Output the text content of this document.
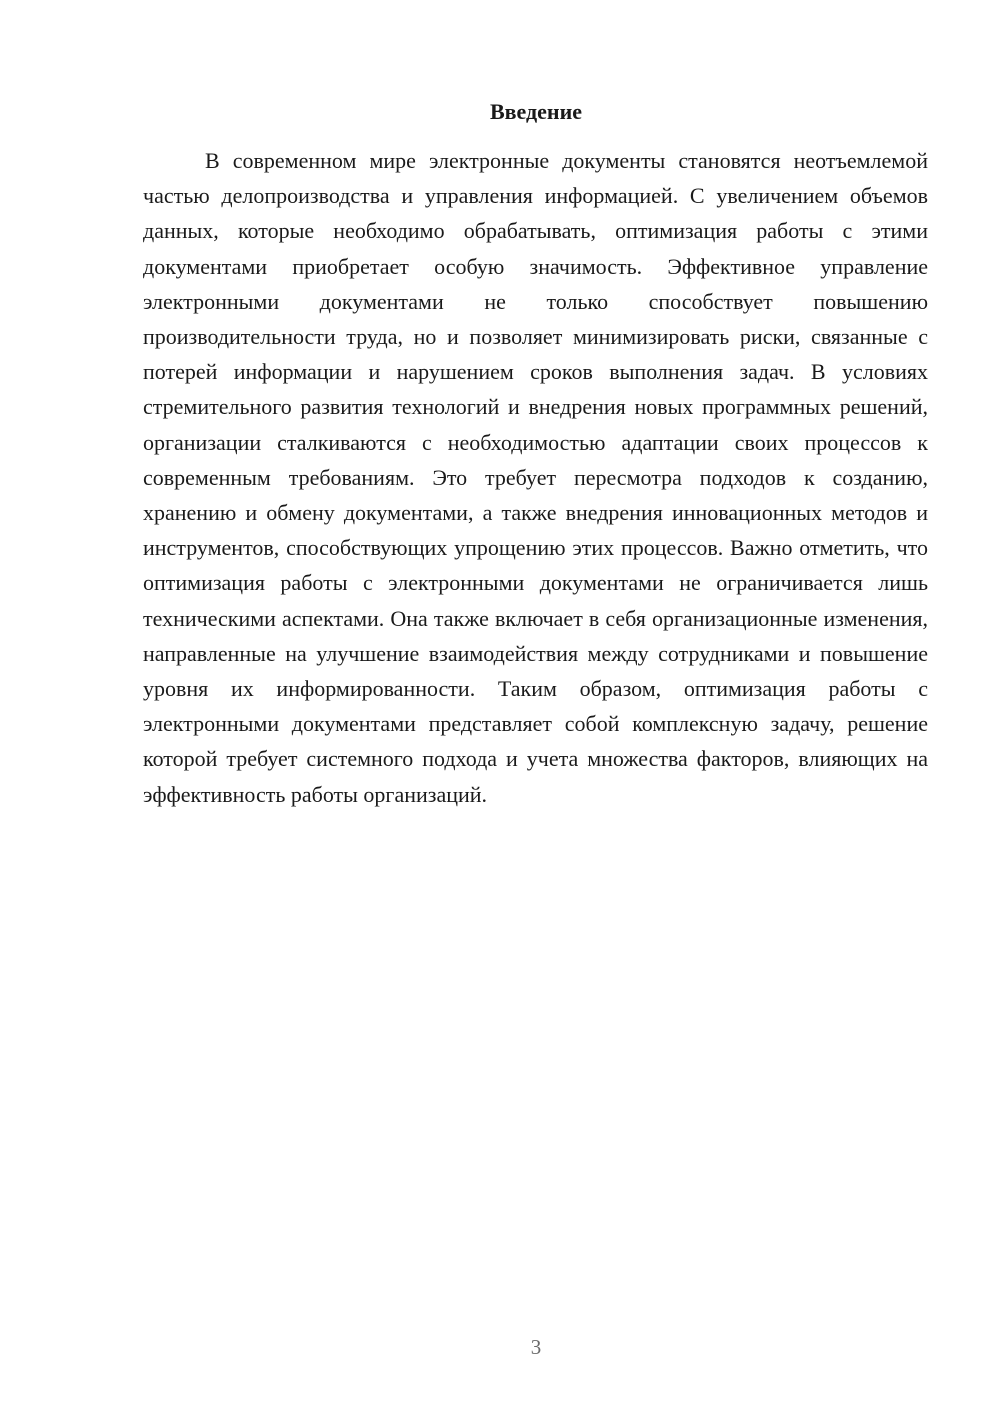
Введение

В современном мире электронные документы становятся неотъемлемой частью делопроизводства и управления информацией. С увеличением объемов данных, которые необходимо обрабатывать, оптимизация работы с этими документами приобретает особую значимость. Эффективное управление электронными документами не только способствует повышению производительности труда, но и позволяет минимизировать риски, связанные с потерей информации и нарушением сроков выполнения задач. В условиях стремительного развития технологий и внедрения новых программных решений, организации сталкиваются с необходимостью адаптации своих процессов к современным требованиям. Это требует пересмотра подходов к созданию, хранению и обмену документами, а также внедрения инновационных методов и инструментов, способствующих упрощению этих процессов. Важно отметить, что оптимизация работы с электронными документами не ограничивается лишь техническими аспектами. Она также включает в себя организационные изменения, направленные на улучшение взаимодействия между сотрудниками и повышение уровня их информированности. Таким образом, оптимизация работы с электронными документами представляет собой комплексную задачу, решение которой требует системного подхода и учета множества факторов, влияющих на эффективность работы организаций.

3
